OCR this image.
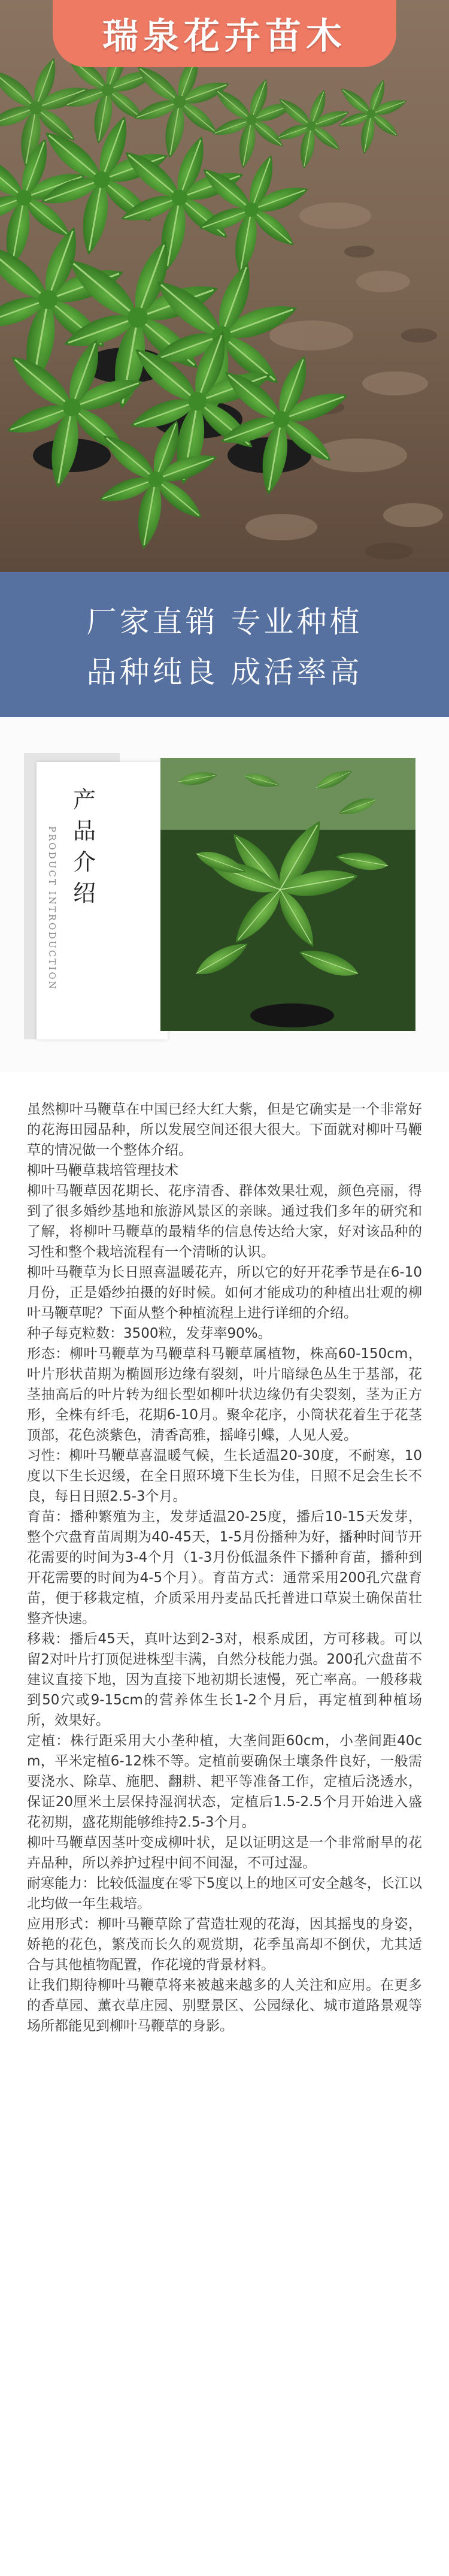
瑞泉花卉苗木
厂家直销 专业种植
品种纯良 成活率高
产品介绍
PRODUCT INTRODUCTION

虽然柳叶马鞭草在中国已经大红大紫，但是它确实是一个非常好的花海田园品种，所以发展空间还很大很大。下面就对柳叶马鞭草的情况做一个整体介绍。

柳叶马鞭草栽培管理技术

柳叶马鞭草因花期长、花序清香、群体效果壮观，颜色亮丽，得到了很多婚纱基地和旅游风景区的亲睐。通过我们多年的研究和了解，将柳叶马鞭草的最精华的信息传达给大家，好对该品种的习性和整个栽培流程有一个清晰的认识。

柳叶马鞭草为长日照喜温暖花卉，所以它的好开花季节是在6-10月份，正是婚纱拍摄的好时候。如何才能成功的种植出壮观的柳叶马鞭草呢？下面从整个种植流程上进行详细的介绍。

种子每克粒数：3500粒，发芽率90%。

形态：柳叶马鞭草为马鞭草科马鞭草属植物，株高60-150cm，叶片形状苗期为椭圆形边缘有裂刻，叶片暗绿色丛生于基部，花茎抽高后的叶片转为细长型如柳叶状边缘仍有尖裂刻，茎为正方形，全株有纤毛，花期6-10月。聚伞花序，小筒状花着生于花茎顶部，花色淡紫色，清香高雅，摇峰引蝶，人见人爱。

习性：柳叶马鞭草喜温暖气候，生长适温20-30度，不耐寒，10度以下生长迟缓，在全日照环境下生长为佳，日照不足会生长不良，每日日照2.5-3个月。

育苗：播种繁殖为主，发芽适温20-25度，播后10-15天发芽，整个穴盘育苗周期为40-45天，1-5月份播种为好，播种时间节开花需要的时间为3-4个月（1-3月份低温条件下播种育苗，播种到开花需要的时间为4-5个月）。育苗方式：通常采用200孔穴盘育苗，便于移栽定植，介质采用丹麦品氏托普进口草炭土确保苗壮整齐快速。

移栽：播后45天，真叶达到2-3对，根系成团，方可移栽。可以留2对叶片打顶促进株型丰满，自然分枝能力强。200孔穴盘苗不建议直接下地，因为直接下地初期长速慢，死亡率高。一般移栽到50穴或9-15cm的营养体生长1-2个月后，再定植到种植场所，效果好。

定植：株行距采用大小垄种植，大垄间距60cm，小垄间距40cm，平米定植6-12株不等。定植前要确保土壤条件良好，一般需要浇水、除草、施肥、翻耕、耙平等准备工作，定植后浇透水，保证20厘米土层保持湿润状态，定植后1.5-2.5个月开始进入盛花初期，盛花期能够维持2.5-3个月。

柳叶马鞭草因茎叶变成柳叶状，足以证明这是一个非常耐旱的花卉品种，所以养护过程中间不间湿，不可过湿。

耐寒能力：比较低温度在零下5度以上的地区可安全越冬，长江以北均做一年生栽培。

应用形式：柳叶马鞭草除了营造壮观的花海，因其摇曳的身姿，娇艳的花色，繁茂而长久的观赏期，花季虽高却不倒伏，尤其适合与其他植物配置，作花境的背景材料。

让我们期待柳叶马鞭草将来被越来越多的人关注和应用。在更多的香草园、薰衣草庄园、别墅景区、公园绿化、城市道路景观等场所都能见到柳叶马鞭草的身影。
